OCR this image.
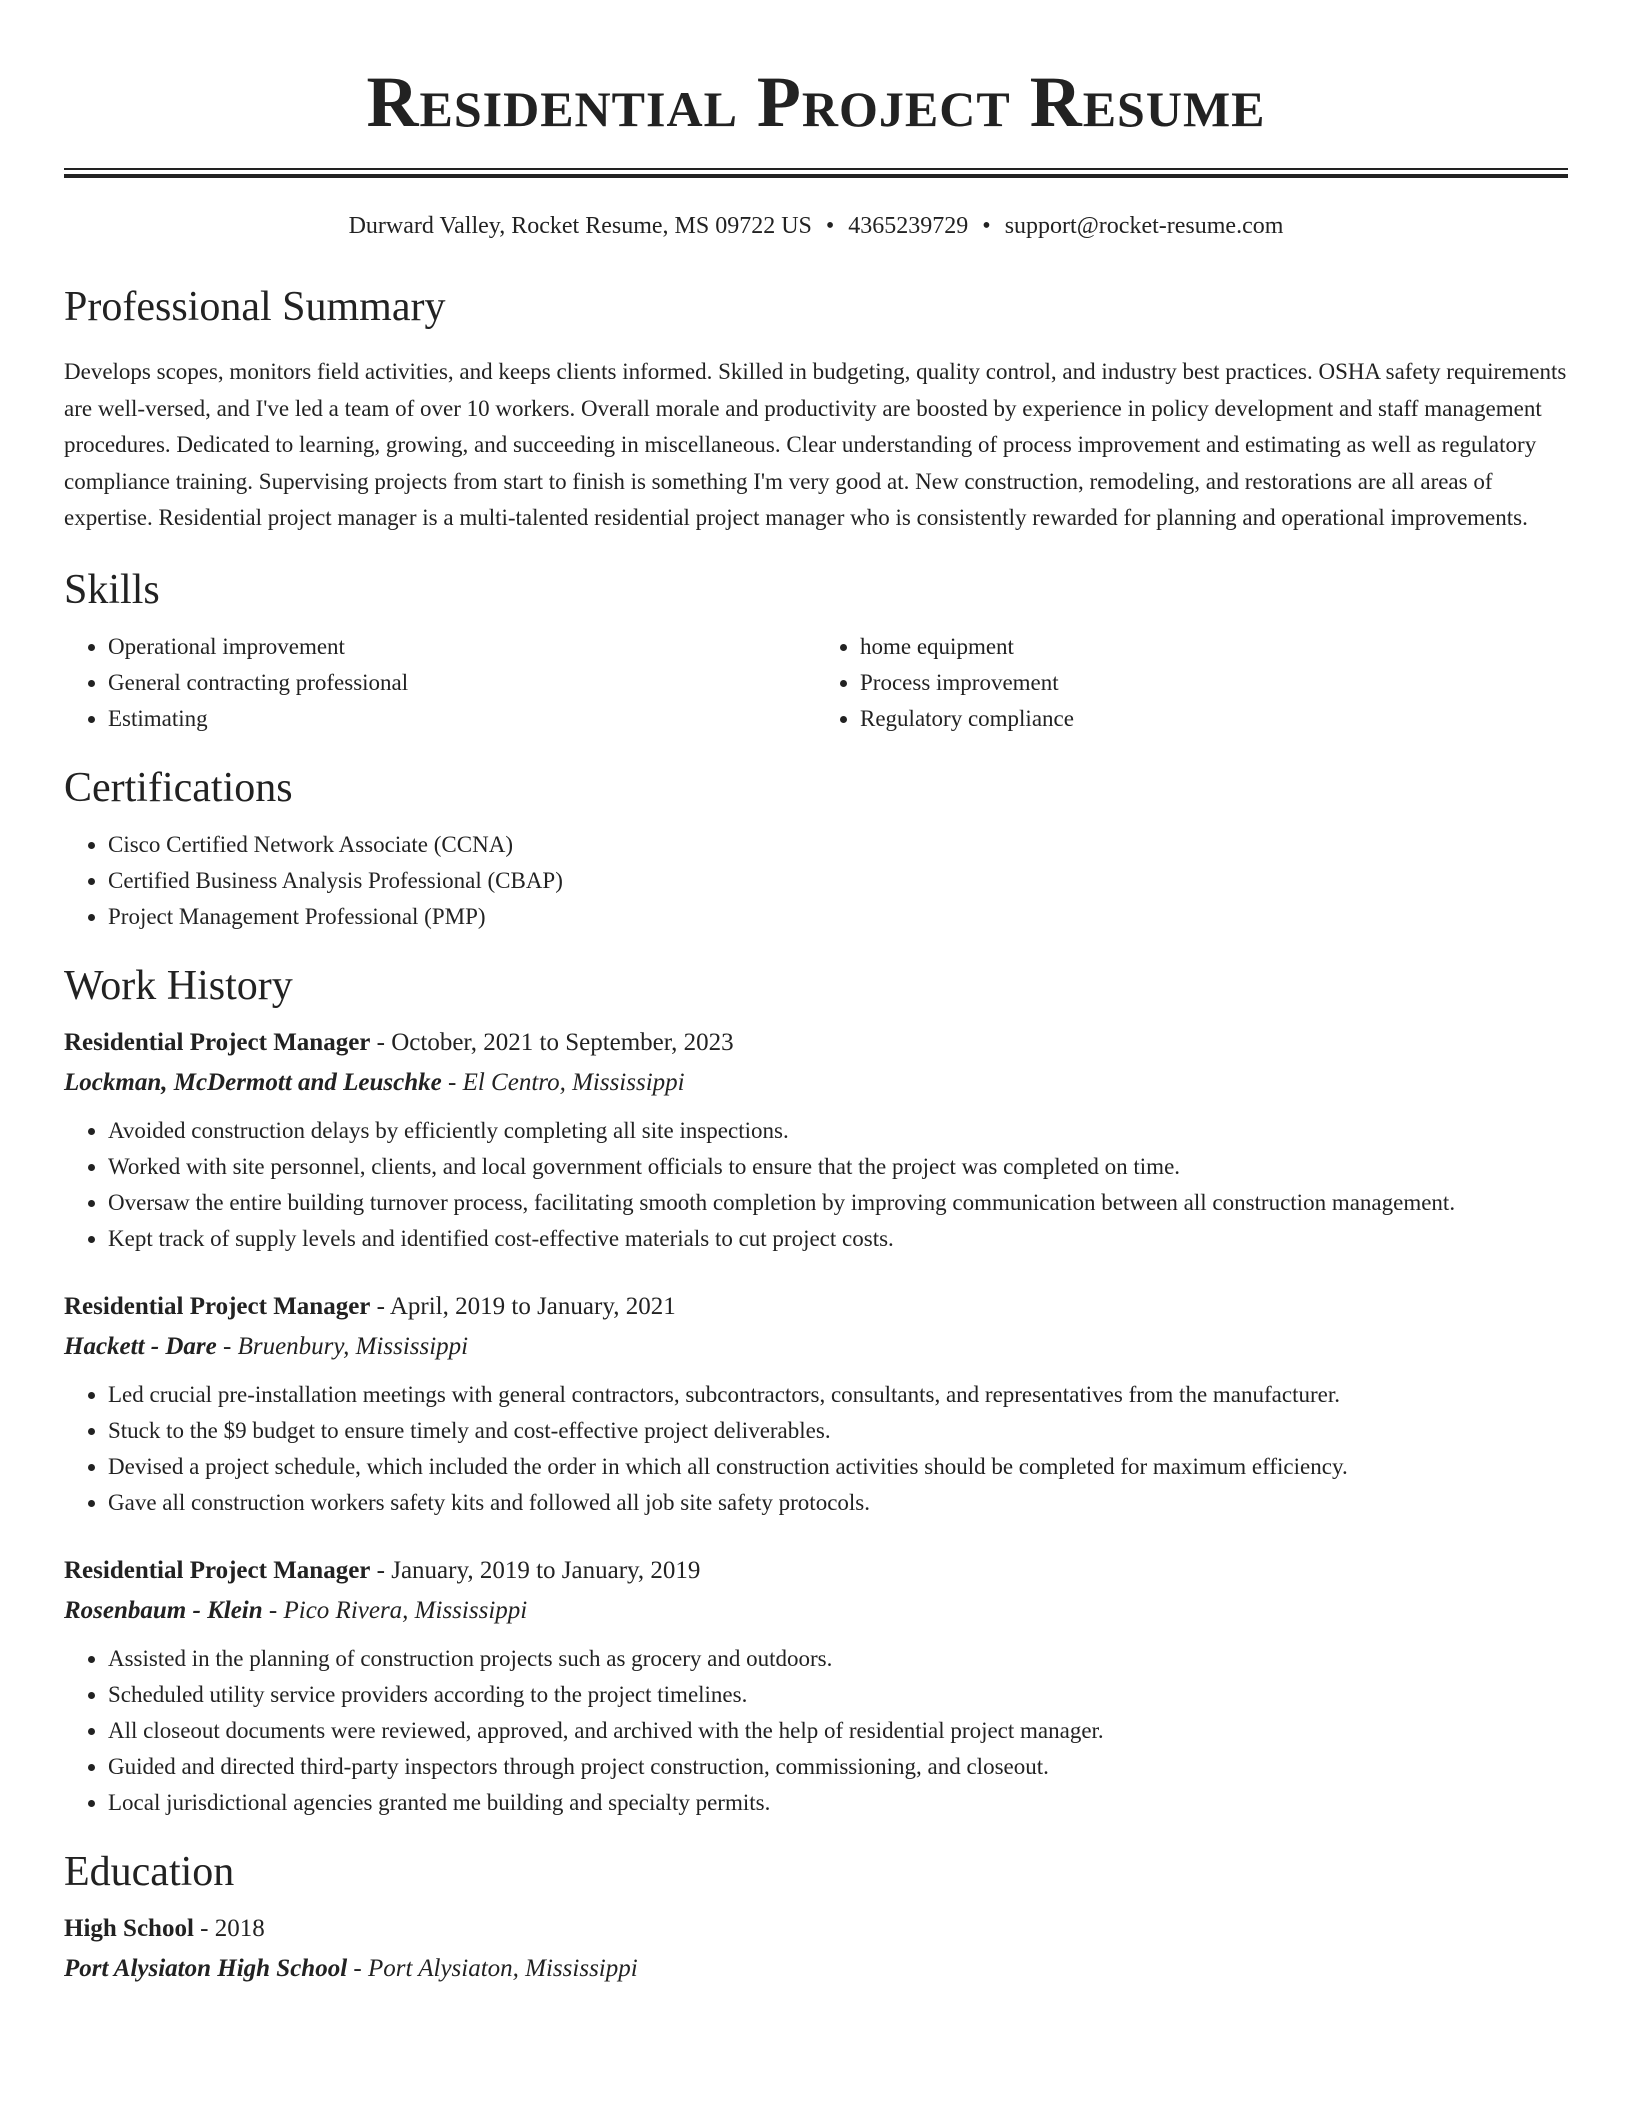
Residential Project Resume
Durward Valley, Rocket Resume, MS 09722 US • 4365239729 • support@rocket-resume.com
Professional Summary
Develops scopes, monitors field activities, and keeps clients informed. Skilled in budgeting, quality control, and industry best practices. OSHA safety requirements are well-versed, and I've led a team of over 10 workers. Overall morale and productivity are boosted by experience in policy development and staff management procedures. Dedicated to learning, growing, and succeeding in miscellaneous. Clear understanding of process improvement and estimating as well as regulatory compliance training. Supervising projects from start to finish is something I'm very good at. New construction, remodeling, and restorations are all areas of expertise. Residential project manager is a multi-talented residential project manager who is consistently rewarded for planning and operational improvements.
Skills
• Operational improvement
• General contracting professional
• Estimating
• home equipment
• Process improvement
• Regulatory compliance
Certifications
• Cisco Certified Network Associate (CCNA)
• Certified Business Analysis Professional (CBAP)
• Project Management Professional (PMP)
Work History
Residential Project Manager - October, 2021 to September, 2023
Lockman, McDermott and Leuschke - El Centro, Mississippi
• Avoided construction delays by efficiently completing all site inspections.
• Worked with site personnel, clients, and local government officials to ensure that the project was completed on time.
• Oversaw the entire building turnover process, facilitating smooth completion by improving communication between all construction management.
• Kept track of supply levels and identified cost-effective materials to cut project costs.
Residential Project Manager - April, 2019 to January, 2021
Hackett - Dare - Bruenbury, Mississippi
• Led crucial pre-installation meetings with general contractors, subcontractors, consultants, and representatives from the manufacturer.
• Stuck to the $9 budget to ensure timely and cost-effective project deliverables.
• Devised a project schedule, which included the order in which all construction activities should be completed for maximum efficiency.
• Gave all construction workers safety kits and followed all job site safety protocols.
Residential Project Manager - January, 2019 to January, 2019
Rosenbaum - Klein - Pico Rivera, Mississippi
• Assisted in the planning of construction projects such as grocery and outdoors.
• Scheduled utility service providers according to the project timelines.
• All closeout documents were reviewed, approved, and archived with the help of residential project manager.
• Guided and directed third-party inspectors through project construction, commissioning, and closeout.
• Local jurisdictional agencies granted me building and specialty permits.
Education
High School - 2018
Port Alysiaton High School - Port Alysiaton, Mississippi
